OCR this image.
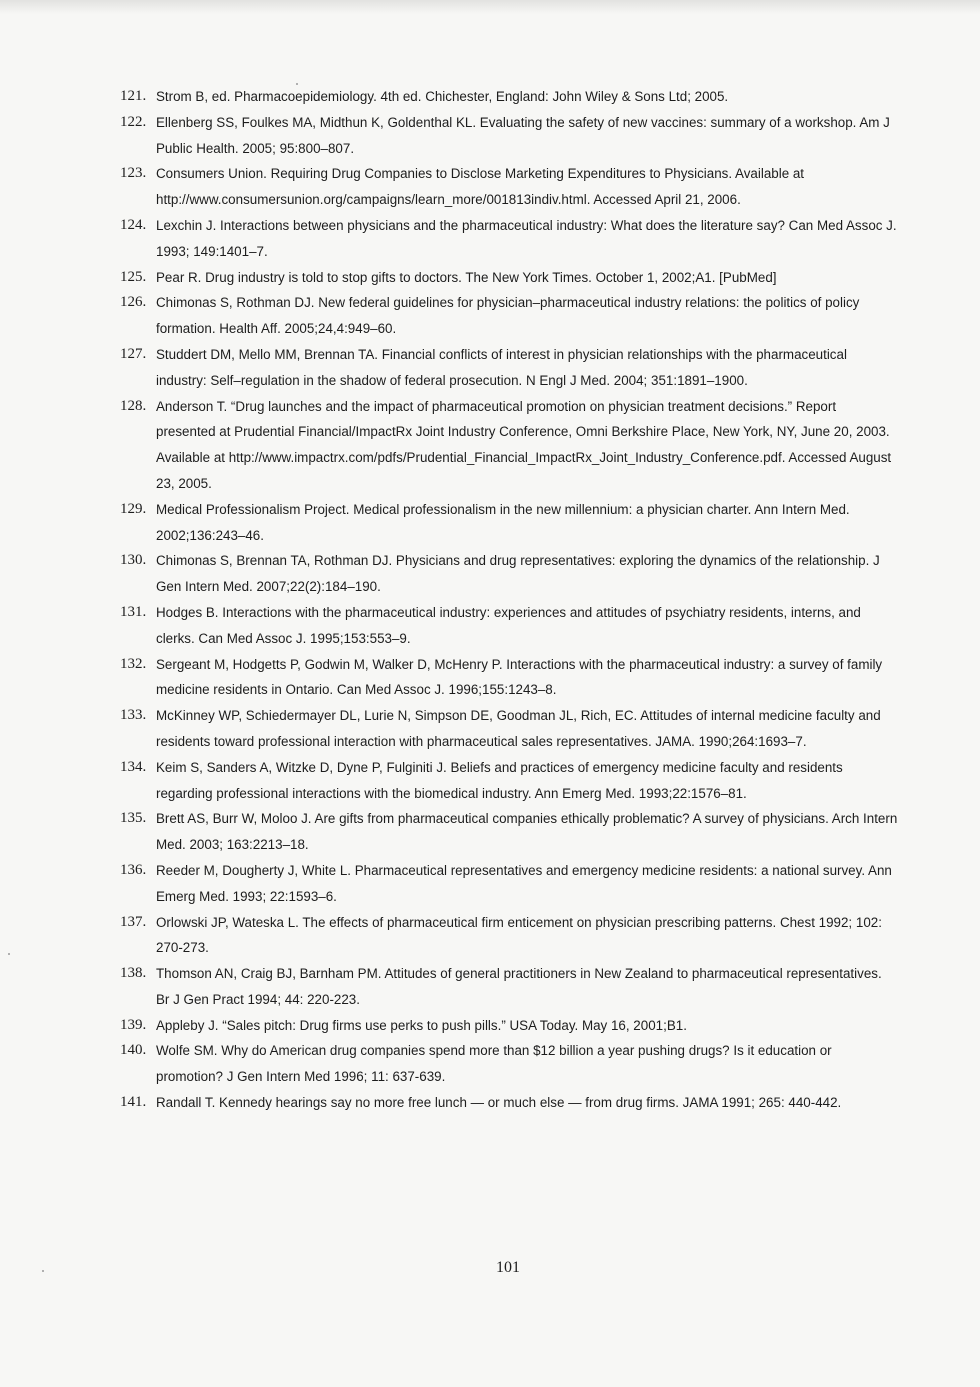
121. Strom B, ed. Pharmacoepidemiology. 4th ed. Chichester, England: John Wiley & Sons Ltd; 2005.
122. Ellenberg SS, Foulkes MA, Midthun K, Goldenthal KL. Evaluating the safety of new vaccines: summary of a workshop. Am J Public Health. 2005; 95:800–807.
123. Consumers Union. Requiring Drug Companies to Disclose Marketing Expenditures to Physicians. Available at http://www.consumersunion.org/campaigns/learn_more/001813indiv.html. Accessed April 21, 2006.
124. Lexchin J. Interactions between physicians and the pharmaceutical industry: What does the literature say? Can Med Assoc J. 1993; 149:1401–7.
125. Pear R. Drug industry is told to stop gifts to doctors. The New York Times. October 1, 2002;A1. [PubMed]
126. Chimonas S, Rothman DJ. New federal guidelines for physician–pharmaceutical industry relations: the politics of policy formation. Health Aff. 2005;24,4:949–60.
127. Studdert DM, Mello MM, Brennan TA. Financial conflicts of interest in physician relationships with the pharmaceutical industry: Self–regulation in the shadow of federal prosecution. N Engl J Med. 2004; 351:1891–1900.
128. Anderson T. “Drug launches and the impact of pharmaceutical promotion on physician treatment decisions.” Report presented at Prudential Financial/ImpactRx Joint Industry Conference, Omni Berkshire Place, New York, NY, June 20, 2003. Available at http://www.impactrx.com/pdfs/Prudential_Financial_ImpactRx_Joint_Industry_Conference.pdf. Accessed August 23, 2005.
129. Medical Professionalism Project. Medical professionalism in the new millennium: a physician charter. Ann Intern Med. 2002;136:243–46.
130. Chimonas S, Brennan TA, Rothman DJ. Physicians and drug representatives: exploring the dynamics of the relationship. J Gen Intern Med. 2007;22(2):184–190.
131. Hodges B. Interactions with the pharmaceutical industry: experiences and attitudes of psychiatry residents, interns, and clerks. Can Med Assoc J. 1995;153:553–9.
132. Sergeant M, Hodgetts P, Godwin M, Walker D, McHenry P. Interactions with the pharmaceutical industry: a survey of family medicine residents in Ontario. Can Med Assoc J. 1996;155:1243–8.
133. McKinney WP, Schiedermayer DL, Lurie N, Simpson DE, Goodman JL, Rich, EC. Attitudes of internal medicine faculty and residents toward professional interaction with pharmaceutical sales representatives. JAMA. 1990;264:1693–7.
134. Keim S, Sanders A, Witzke D, Dyne P, Fulginiti J. Beliefs and practices of emergency medicine faculty and residents regarding professional interactions with the biomedical industry. Ann Emerg Med. 1993;22:1576–81.
135. Brett AS, Burr W, Moloo J. Are gifts from pharmaceutical companies ethically problematic? A survey of physicians. Arch Intern Med. 2003; 163:2213–18.
136. Reeder M, Dougherty J, White L. Pharmaceutical representatives and emergency medicine residents: a national survey. Ann Emerg Med. 1993; 22:1593–6.
137. Orlowski JP, Wateska L. The effects of pharmaceutical firm enticement on physician prescribing patterns. Chest 1992; 102: 270-273.
138. Thomson AN, Craig BJ, Barnham PM. Attitudes of general practitioners in New Zealand to pharmaceutical representatives. Br J Gen Pract 1994; 44: 220-223.
139. Appleby J. “Sales pitch: Drug firms use perks to push pills.” USA Today. May 16, 2001;B1.
140. Wolfe SM. Why do American drug companies spend more than $12 billion a year pushing drugs? Is it education or promotion? J Gen Intern Med 1996; 11: 637-639.
141. Randall T. Kennedy hearings say no more free lunch — or much else — from drug firms. JAMA 1991; 265: 440-442.
101
